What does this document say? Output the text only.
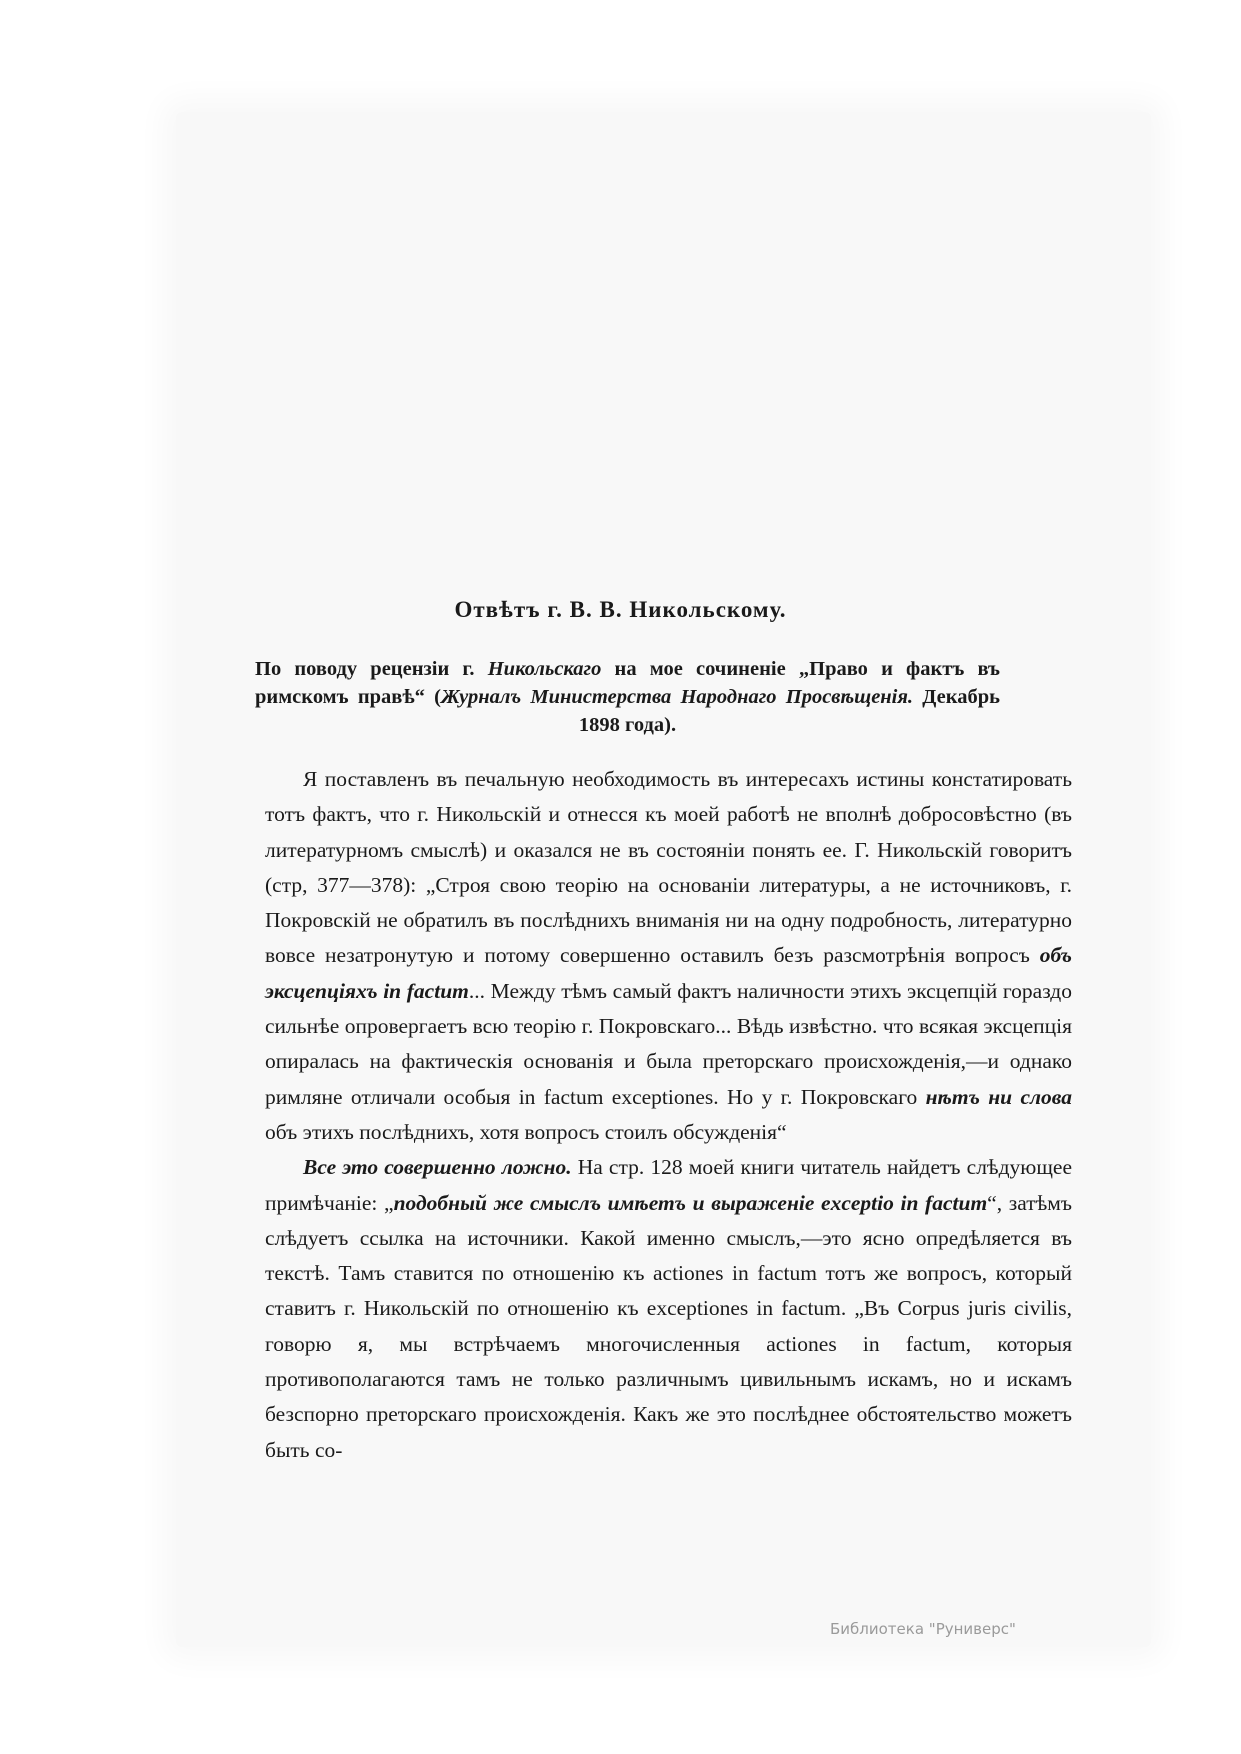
Отвѣтъ г. В. В. Никольскому.

По поводу рецензіи г. Никольскаго на мое сочиненіе „Право и фактъ въ римскомъ правѣ“ (Журналъ Министерства Народнаго Просвѣщенія. Декабрь 1898 года).

Я поставленъ въ печальную необходимость въ интересахъ истины констатировать тотъ фактъ, что г. Никольскій и отнесся къ моей работѣ не вполнѣ добросовѣстно (въ литературномъ смыслѣ) и оказался не въ состояніи понять ее. Г. Никольскій говоритъ (стр, 377—378): „Строя свою теорію на основаніи литературы, а не источниковъ, г. Покровскій не обратилъ въ послѣднихъ вниманія ни на одну подробность, литературно вовсе незатронутую и потому совершенно оставилъ безъ разсмотрѣнія вопросъ объ эксцепціяхъ in factum... Между тѣмъ самый фактъ наличности этихъ эксцепцій гораздо сильнѣе опровергаетъ всю теорію г. Покровскаго... Вѣдь извѣстно. что всякая эксцепція опиралась на фактическія основанія и была преторскаго происхожденія,—и однако римляне отличали особыя in factum exceptiones. Но у г. Покровскаго нѣтъ ни слова объ этихъ послѣднихъ, хотя вопросъ стоилъ обсужденія“

Все это совершенно ложно. На стр. 128 моей книги читатель найдетъ слѣдующее примѣчаніе: „подобный же смыслъ имѣетъ и выраженіе exceptio in factum“, затѣмъ слѣдуетъ ссылка на источники. Какой именно смыслъ,—это ясно опредѣляется въ текстѣ. Тамъ ставится по отношенію къ actiones in factum тотъ же вопросъ, который ставитъ г. Никольскій по отношенію къ exceptiones in factum. „Въ Corpus juris civilis, говорю я, мы встрѣчаемъ многочисленныя actiones in factum, которыя противополагаются тамъ не только различнымъ цивильнымъ искамъ, но и искамъ безспорно преторскаго происхожденія. Какъ же это послѣднее обстоятельство можетъ быть со-

Библиотека "Руниверс"
